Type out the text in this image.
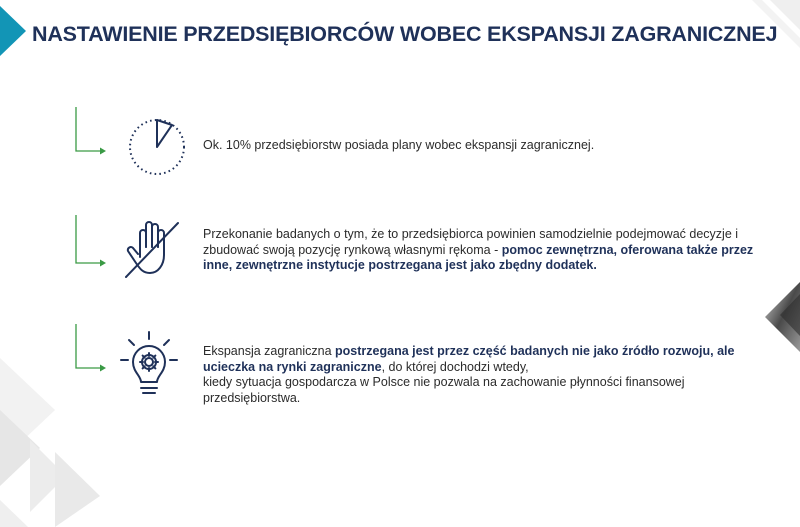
NASTAWIENIE PRZEDSIĘBIORCÓW WOBEC EKSPANSJI ZAGRANICZNEJ
Ok. 10% przedsiębiorstw posiada plany wobec ekspansji zagranicznej.
Przekonanie badanych o tym, że to przedsiębiorca powinien samodzielnie podejmować decyzje i zbudować swoją pozycję rynkową własnymi rękoma - pomoc zewnętrzna, oferowana także przez inne, zewnętrzne instytucje postrzegana jest jako zbędny dodatek.
Ekspansja zagraniczna postrzegana jest przez część badanych nie jako źródło rozwoju, ale ucieczka na rynki zagraniczne, do której dochodzi wtedy,
kiedy sytuacja gospodarcza w Polsce nie pozwala na zachowanie płynności finansowej przedsiębiorstwa.
